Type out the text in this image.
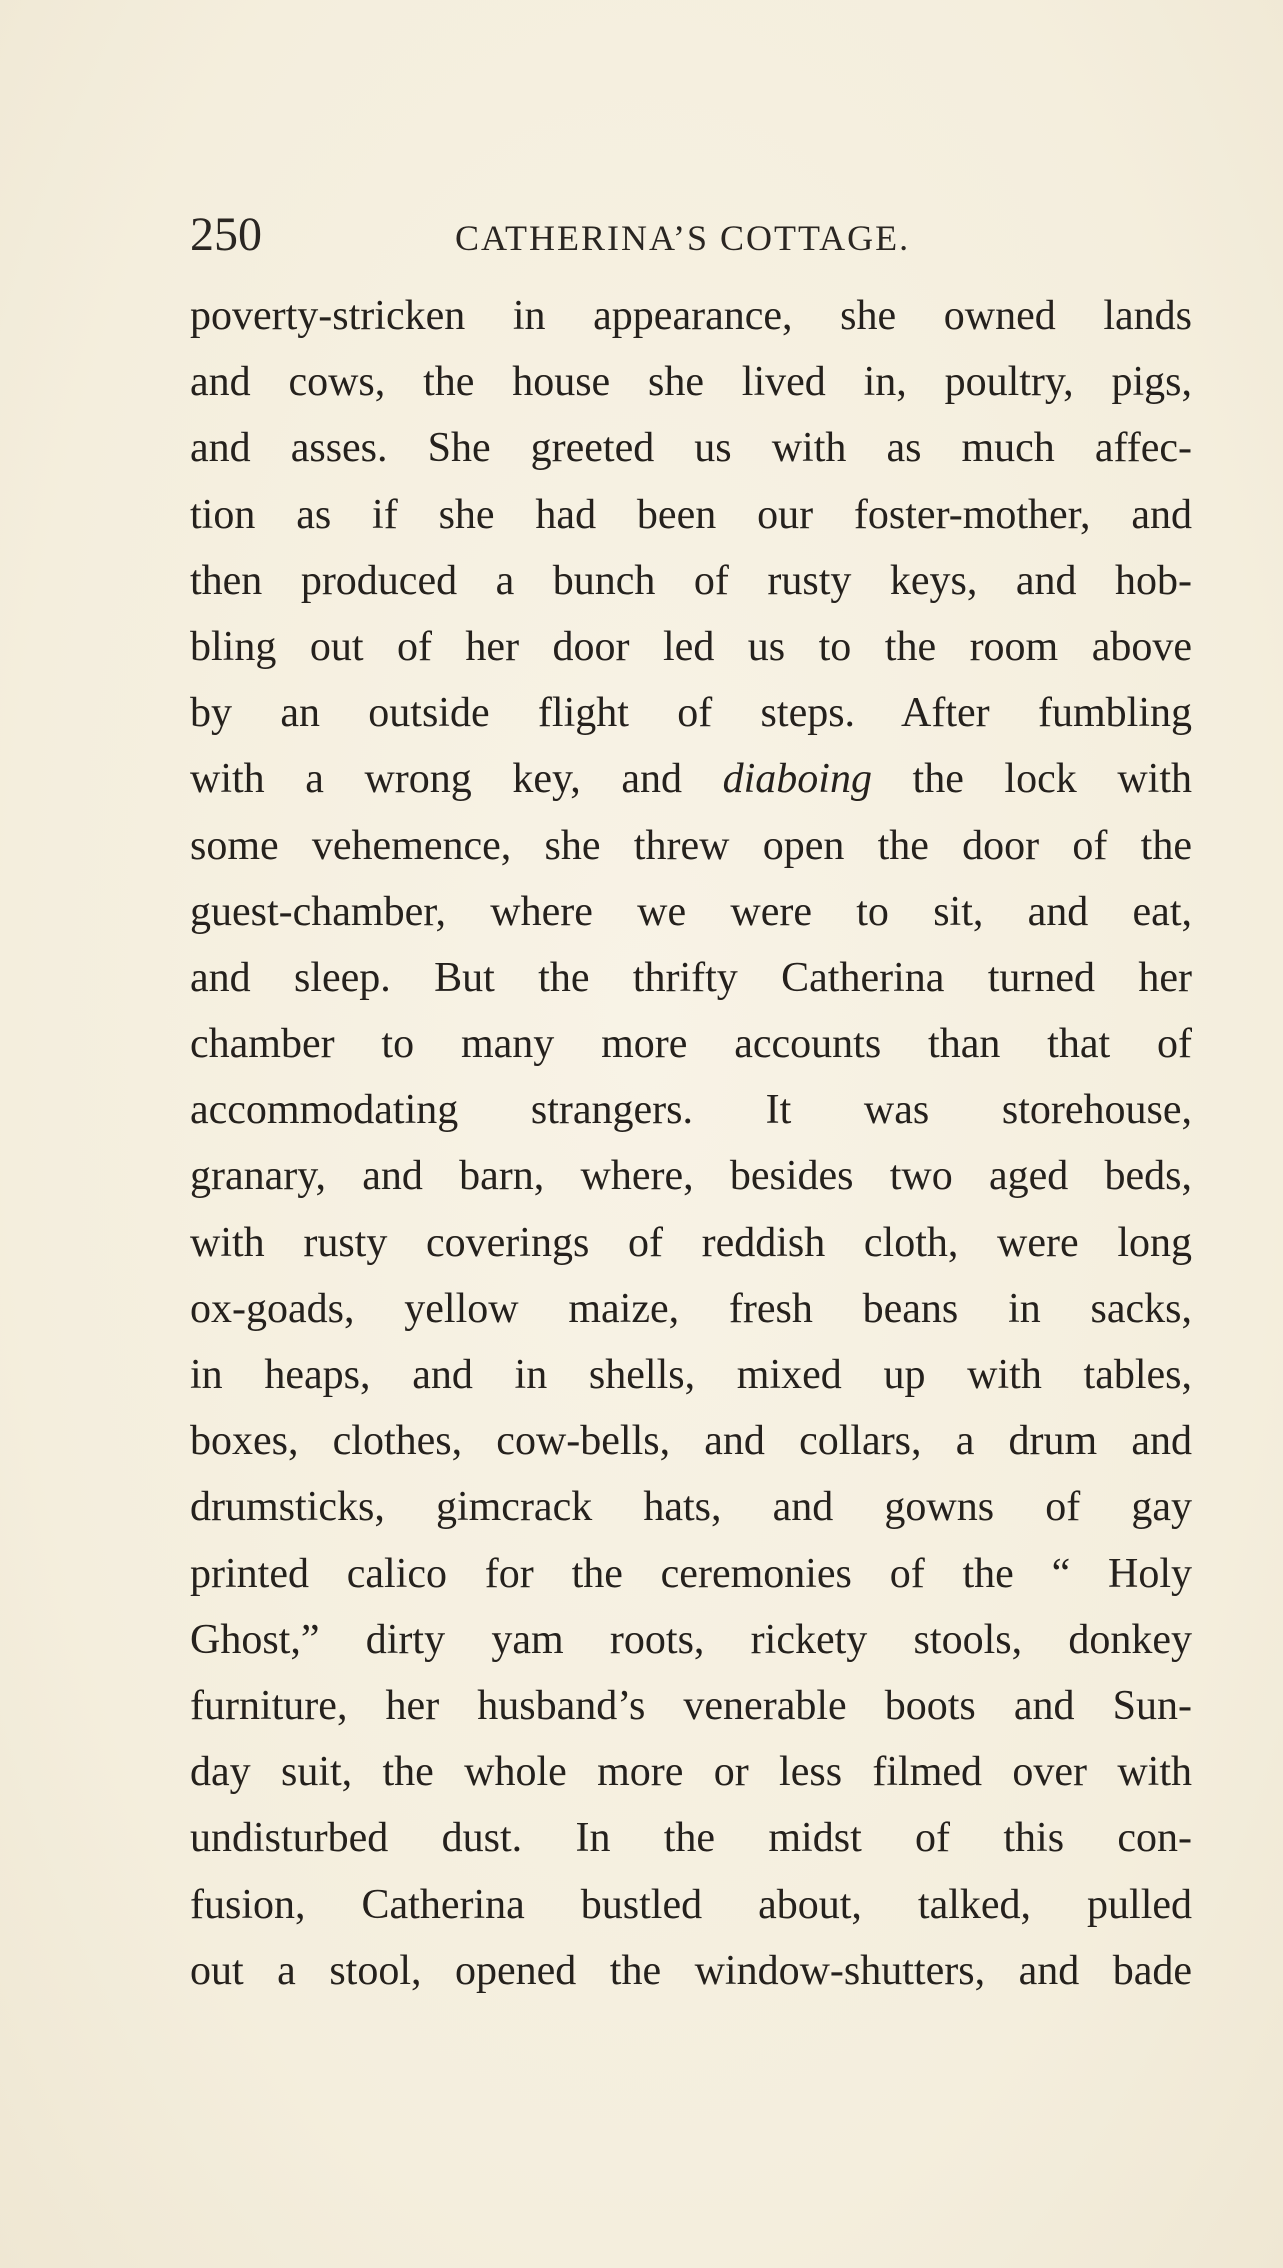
250	CATHERINA’S COTTAGE.
poverty-stricken in appearance, she owned lands
and cows, the house she lived in, poultry, pigs,
and asses. She greeted us with as much affec-
tion as if she had been our foster-mother, and
then produced a bunch of rusty keys, and hob-
bling out of her door led us to the room above
by an outside flight of steps. After fumbling
with a wrong key, and diaboing the lock with
some vehemence, she threw open the door of the
guest-chamber, where we were to sit, and eat,
and sleep. But the thrifty Catherina turned her
chamber to many more accounts than that of
accommodating strangers. It was storehouse,
granary, and barn, where, besides two aged beds,
with rusty coverings of reddish cloth, were long
ox-goads, yellow maize, fresh beans in sacks,
in heaps, and in shells, mixed up with tables,
boxes, clothes, cow-bells, and collars, a drum and
drumsticks, gimcrack hats, and gowns of gay
printed calico for the ceremonies of the “ Holy
Ghost,” dirty yam roots, rickety stools, donkey
furniture, her husband’s venerable boots and Sun-
day suit, the whole more or less filmed over with
undisturbed dust. In the midst of this con-
fusion, Catherina bustled about, talked, pulled
out a stool, opened the window-shutters, and bade
